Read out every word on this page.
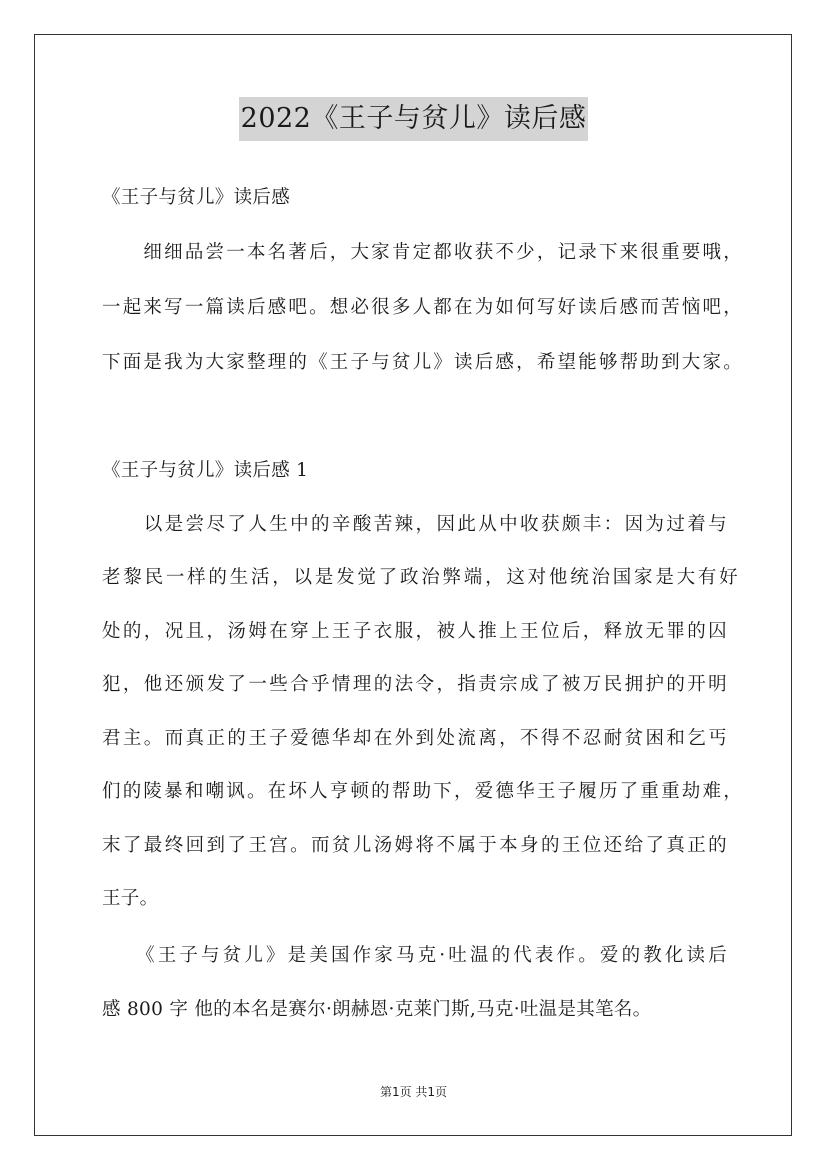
2022《王子与贫儿》读后感
《王子与贫儿》读后感
　　细细品尝一本名著后，大家肯定都收获不少，记录下来很重要哦，
一起来写一篇读后感吧。想必很多人都在为如何写好读后感而苦恼吧，
下面是我为大家整理的《王子与贫儿》读后感，希望能够帮助到大家。
《王子与贫儿》读后感 1
　　以是尝尽了人生中的辛酸苦辣，因此从中收获颇丰：因为过着与
老黎民一样的生活，以是发觉了政治弊端，这对他统治国家是大有好
处的，况且，汤姆在穿上王子衣服，被人推上王位后，释放无罪的囚
犯，他还颁发了一些合乎情理的法令，指责宗成了被万民拥护的开明
君主。而真正的王子爱德华却在外到处流离，不得不忍耐贫困和乞丐
们的陵暴和嘲讽。在坏人亨顿的帮助下，爱德华王子履历了重重劫难，
末了最终回到了王宫。而贫儿汤姆将不属于本身的王位还给了真正的
王子。
　　《王子与贫儿》是美国作家马克·吐温的代表作。爱的教化读后
感 800 字 他的本名是赛尔·朗赫恩·克莱门斯,马克·吐温是其笔名。
第1页 共1页
